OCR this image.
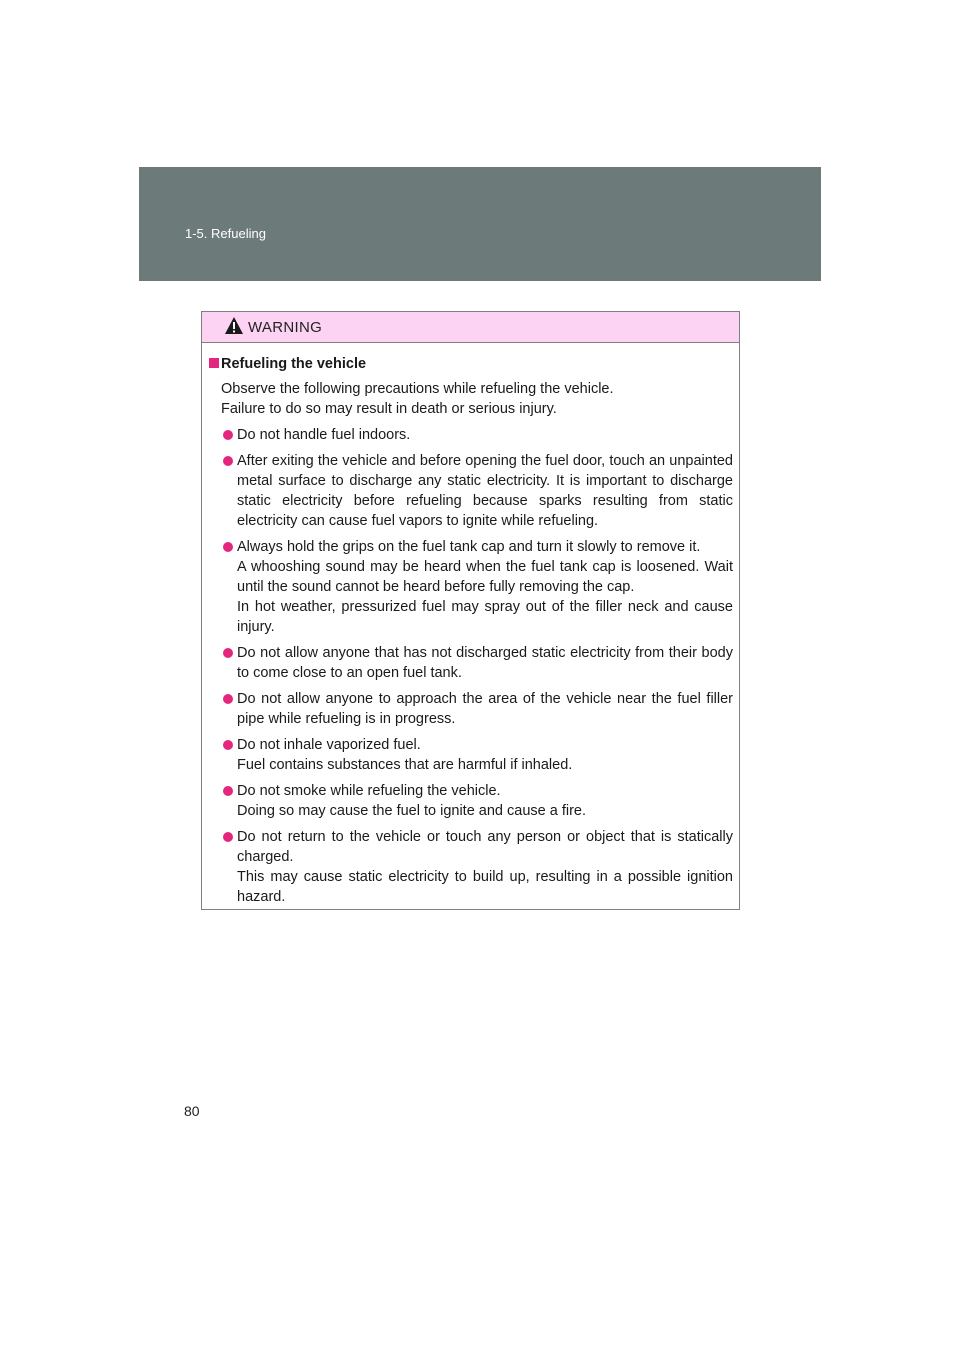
1-5. Refueling
WARNING
Refueling the vehicle
Observe the following precautions while refueling the vehicle.
Failure to do so may result in death or serious injury.

Do not handle fuel indoors.

After exiting the vehicle and before opening the fuel door, touch an unpainted metal surface to discharge any static electricity. It is important to discharge static electricity before refueling because sparks resulting from static electricity can cause fuel vapors to ignite while refueling.

Always hold the grips on the fuel tank cap and turn it slowly to remove it.

A whooshing sound may be heard when the fuel tank cap is loosened. Wait until the sound cannot be heard before fully removing the cap.

In hot weather, pressurized fuel may spray out of the filler neck and cause injury.

Do not allow anyone that has not discharged static electricity from their body to come close to an open fuel tank.

Do not allow anyone to approach the area of the vehicle near the fuel filler pipe while refueling is in progress.

Do not inhale vaporized fuel.

Fuel contains substances that are harmful if inhaled.

Do not smoke while refueling the vehicle.

Doing so may cause the fuel to ignite and cause a fire.

Do not return to the vehicle or touch any person or object that is statically charged.

This may cause static electricity to build up, resulting in a possible ignition hazard.

80
